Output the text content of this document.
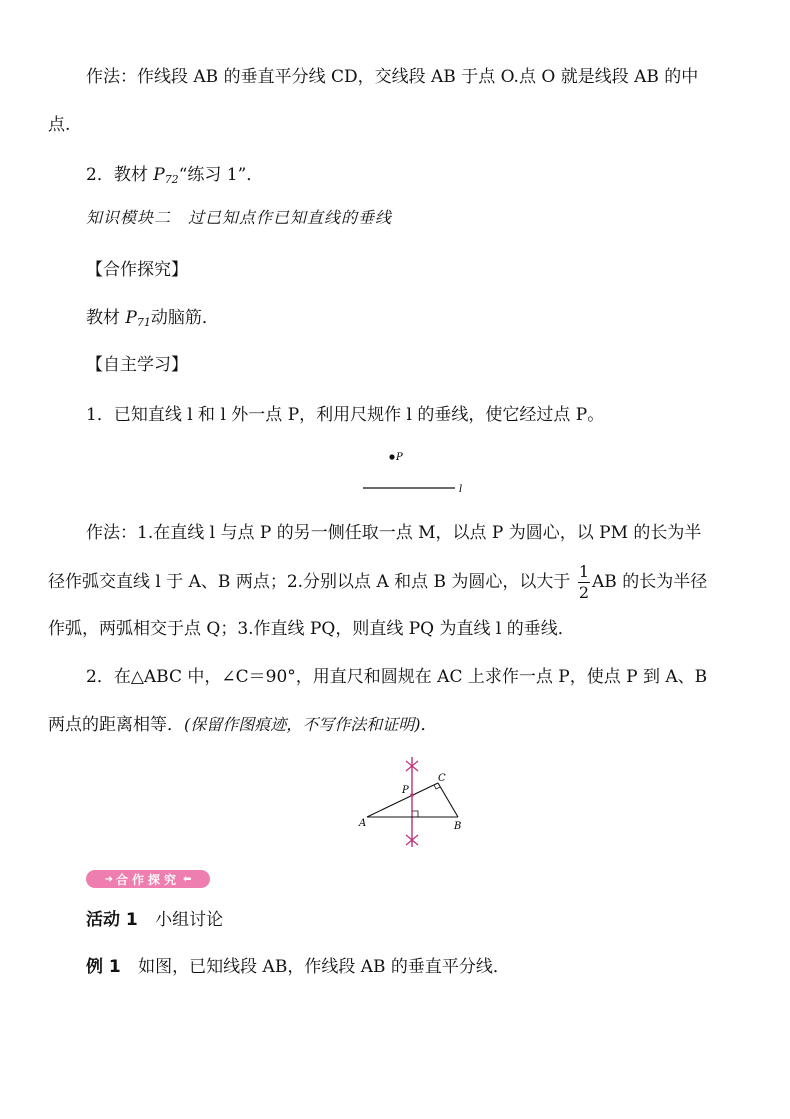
作法：作线段 AB 的垂直平分线 CD，交线段 AB 于点 O.点 O 就是线段 AB 的中
点.
2．教材 $P_{72}“$练习 1”．
知识模块二　过已知点作已知直线的垂线
【合作探究】
教材 $P_{71}$动脑筋．
【自主学习】
1．已知直线 l 和 l 外一点 P，利用尺规作 l 的垂线，使它经过点 P。
P
l
作法：1.在直线 l 与点 P 的另一侧任取一点 M，以点 P 为圆心，以 PM 的长为半
径作弧交直线 l 于 A、B 两点；2.分别以点 A 和点 B 为圆心，以大于 $\frac{1}{2}$ AB 的长为半径
作弧，两弧相交于点 Q；3.作直线 PQ，则直线 PQ 为直线 l 的垂线．
2．在△ABC 中，∠C＝90°，用直尺和圆规在 AC 上求作一点 P，使点 P 到 A、B
两点的距离相等．(保留作图痕迹，不写作法和证明)．
A	B
C
P
➜ 合作探究 ⬅
活动 1 小组讨论
例 1 如图，已知线段 AB，作线段 AB 的垂直平分线．
